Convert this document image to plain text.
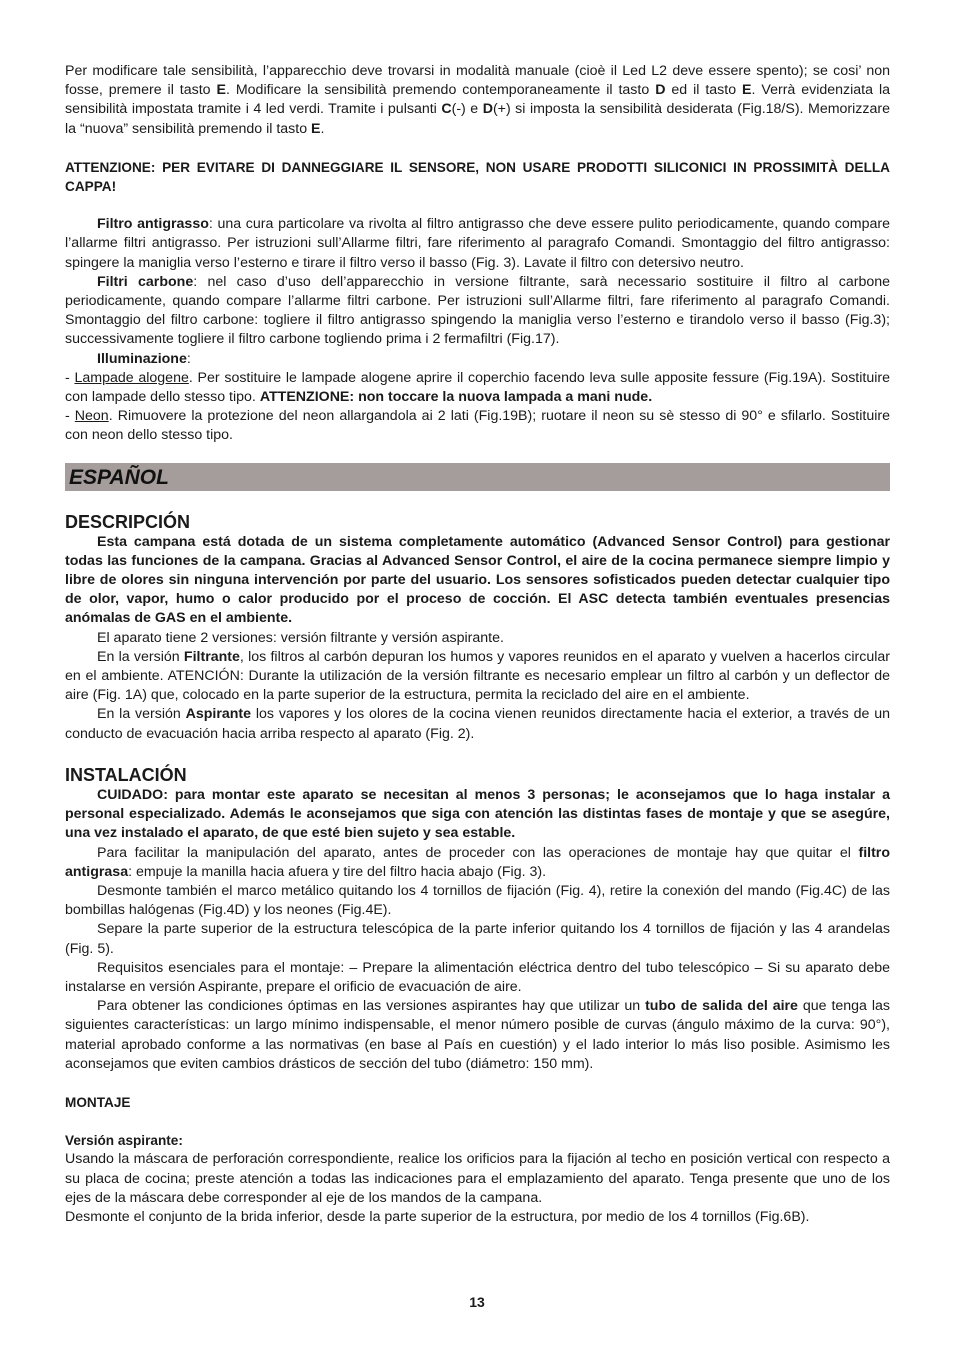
Per modificare tale sensibilità, l’apparecchio deve trovarsi in modalità manuale (cioè il Led L2 deve essere spento); se cosi’ non fosse, premere il tasto E. Modificare la sensibilità premendo contemporaneamente il tasto D ed il tasto E. Verrà evidenziata la sensibilità impostata tramite i 4 led verdi. Tramite i pulsanti C(-) e D(+) si imposta la sensibilità desiderata (Fig.18/S). Memorizzare la “nuova” sensibilità premendo il tasto E.

ATTENZIONE: PER EVITARE DI DANNEGGIARE IL SENSORE, NON USARE PRODOTTI SILICONICI IN PROSSIMITÀ DELLA CAPPA!

Filtro antigrasso: una cura particolare va rivolta al filtro antigrasso che deve essere pulito periodicamente, quando compare l’allarme filtri antigrasso. Per istruzioni sull’Allarme filtri, fare riferimento al paragrafo Comandi. Smontaggio del filtro antigrasso: spingere la maniglia verso l’esterno e tirare il filtro verso il basso (Fig. 3). Lavate il filtro con detersivo neutro.

Filtri carbone: nel caso d’uso dell’apparecchio in versione filtrante, sarà necessario sostituire il filtro al carbone periodicamente, quando compare l’allarme filtri carbone. Per istruzioni sull’Allarme filtri, fare riferimento al paragrafo Comandi. Smontaggio del filtro carbone: togliere il filtro antigrasso spingendo la maniglia verso l’esterno e tirandolo verso il basso (Fig.3); successivamente togliere il filtro carbone togliendo prima i 2 fermafiltri (Fig.17).

Illuminazione:

- Lampade alogene. Per sostituire le lampade alogene aprire il coperchio facendo leva sulle apposite fessure (Fig.19A). Sostituire con lampade dello stesso tipo. ATTENZIONE: non toccare la nuova lampada a mani nude.

- Neon. Rimuovere la protezione del neon allargandola ai 2 lati (Fig.19B); ruotare il neon su sè stesso di 90° e sfilarlo. Sostituire con neon dello stesso tipo.

ESPAÑOL
DESCRIPCIÓN

Esta campana está dotada de un sistema completamente automático (Advanced Sensor Control) para gestionar todas las funciones de la campana. Gracias al Advanced Sensor Control, el aire de la cocina permanece siempre limpio y libre de olores sin ninguna intervención por parte del usuario. Los sensores sofisticados pueden detectar cualquier tipo de olor, vapor, humo o calor producido por el proceso de cocción. El ASC detecta también eventuales presencias anómalas de GAS en el ambiente.

El aparato tiene 2 versiones: versión filtrante y versión aspirante.

En la versión Filtrante, los filtros al carbón depuran los humos y vapores reunidos en el aparato y vuelven a hacerlos circular en el ambiente. ATENCIÓN: Durante la utilización de la versión filtrante es necesario emplear un filtro al carbón y un deflector de aire (Fig. 1A) que, colocado en la parte superior de la estructura, permita la reciclado del aire en el ambiente.

En la versión Aspirante los vapores y los olores de la cocina vienen reunidos directamente hacia el exterior, a través de un conducto de evacuación hacia arriba respecto al aparato (Fig. 2).

INSTALACIÓN

CUIDADO: para montar este aparato se necesitan al menos 3 personas; le aconsejamos que lo haga instalar a personal especializado. Además le aconsejamos que siga con atención las distintas fases de montaje y que se asegúre, una vez instalado el aparato, de que esté bien sujeto y sea estable.

Para facilitar la manipulación del aparato, antes de proceder con las operaciones de montaje hay que quitar el filtro antigrasa: empuje la manilla hacia afuera y tire del filtro hacia abajo (Fig. 3).

Desmonte también el marco metálico quitando los 4 tornillos de fijación (Fig. 4), retire la conexión del mando (Fig.4C) de las bombillas halógenas (Fig.4D) y los neones (Fig.4E).

Separe la parte superior de la estructura telescópica de la parte inferior quitando los 4 tornillos de fijación y las 4 arandelas (Fig. 5).

Requisitos esenciales para el montaje: – Prepare la alimentación eléctrica dentro del tubo telescópico – Si su aparato debe instalarse en versión Aspirante, prepare el orificio de evacuación de aire.

Para obtener las condiciones óptimas en las versiones aspirantes hay que utilizar un tubo de salida del aire que tenga las siguientes características: un largo mínimo indispensable, el menor número posible de curvas (ángulo máximo de la curva: 90°), material aprobado conforme a las normativas (en base al País en cuestión) y el lado interior lo más liso posible. Asimismo les aconsejamos que eviten cambios drásticos de sección del tubo (diámetro: 150 mm).

MONTAJE

Versión aspirante:

Usando la máscara de perforación correspondiente, realice los orificios para la fijación al techo en posición vertical con respecto a su placa de cocina; preste atención a todas las indicaciones para el emplazamiento del aparato. Tenga presente que uno de los ejes de la máscara debe corresponder al eje de los mandos de la campana.

Desmonte el conjunto de la brida inferior, desde la parte superior de la estructura, por medio de los 4 tornillos (Fig.6B).

13
